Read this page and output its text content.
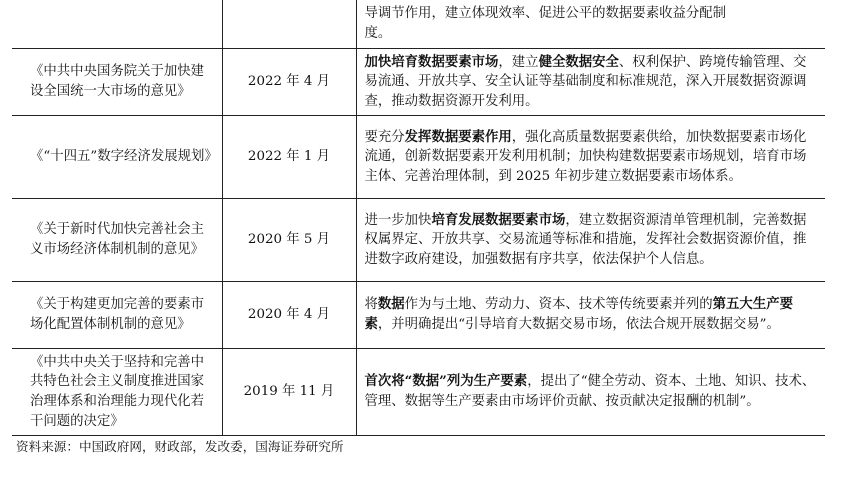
		导调节作用，建立体现效率、促进公平的数据要素收益分配制
度。
《中共中央国务院关于加快建设全国统一大市场的意见》	2022 年 4 月	加快培育数据要素市场，建立健全数据安全、权利保护、跨境传输管理、交易流通、开放共享、安全认证等基础制度和标准规范，深入开展数据资源调查，推动数据资源开发利用。
《“十四五”数字经济发展规划》	2022 年 1 月	要充分发挥数据要素作用，强化高质量数据要素供给，加快数据要素市场化流通，创新数据要素开发利用机制；加快构建数据要素市场规划，培育市场主体、完善治理体制，到 2025 年初步建立数据要素市场体系。
《关于新时代加快完善社会主义市场经济体制机制的意见》	2020 年 5 月	进一步加快培育发展数据要素市场，建立数据资源清单管理机制，完善数据权属界定、开放共享、交易流通等标准和措施，发挥社会数据资源价值，推进数字政府建设，加强数据有序共享，依法保护个人信息。
《关于构建更加完善的要素市场化配置体制机制的意见》	2020 年 4 月	将数据作为与土地、劳动力、资本、技术等传统要素并列的第五大生产要素，并明确提出“引导培育大数据交易市场，依法合规开展数据交易”。
《中共中央关于坚持和完善中共特色社会主义制度推进国家治理体系和治理能力现代化若干问题的决定》	2019 年 11 月	首次将“数据”列为生产要素，提出了“健全劳动、资本、土地、知识、技术、管理、数据等生产要素由市场评价贡献、按贡献决定报酬的机制”。
资料来源：中国政府网，财政部，发改委，国海证券研究所
